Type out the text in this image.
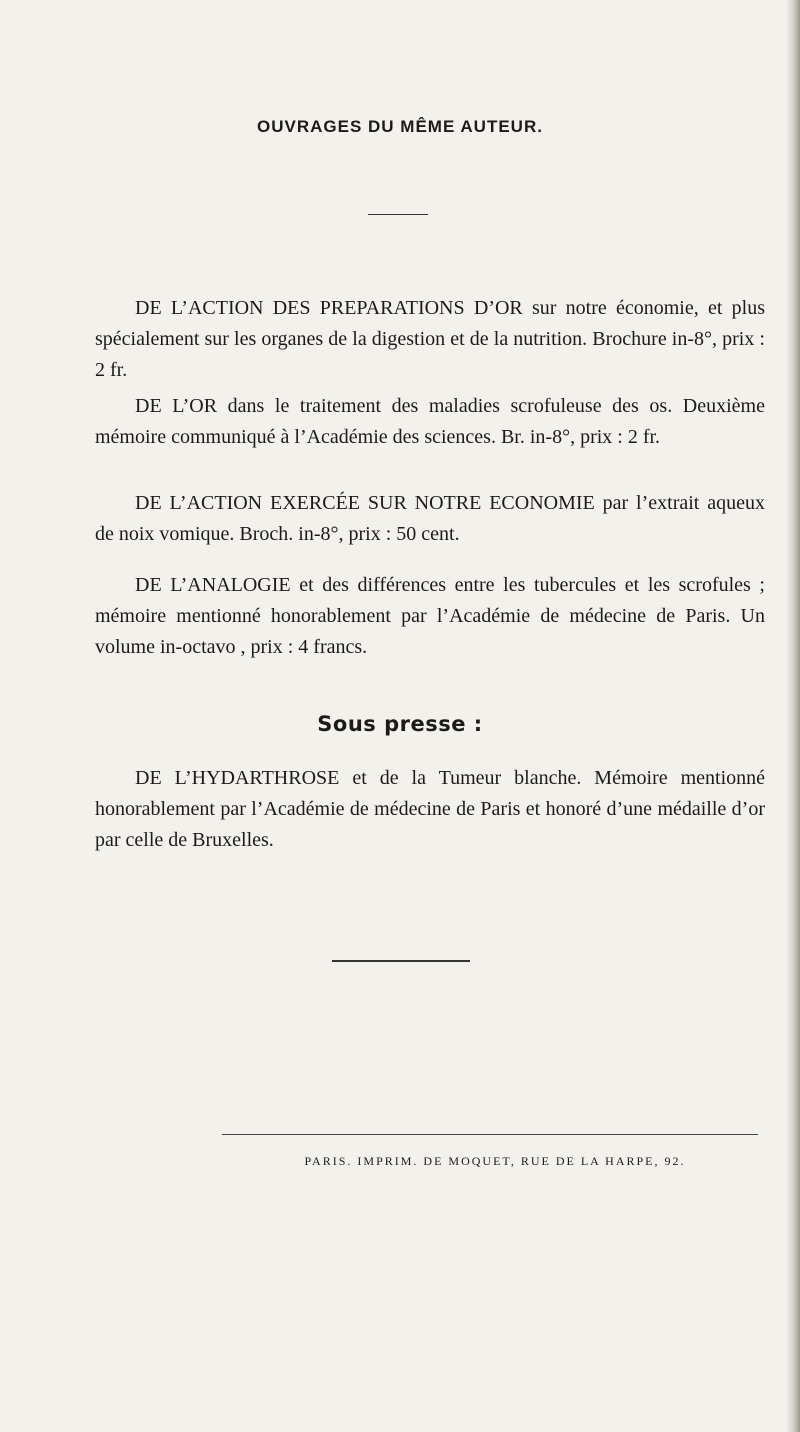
OUVRAGES DU MÊME AUTEUR.

DE L’ACTION DES PREPARATIONS D’OR sur notre économie, et plus spécialement sur les organes de la digestion et de la nutrition. Brochure in-8°, prix : 2 fr.

DE L’OR dans le traitement des maladies scrofuleuse des os. Deuxième mémoire communiqué à l’Académie des sciences. Br. in-8°, prix : 2 fr.

DE L’ACTION EXERCÉE SUR NOTRE ECONOMIE par l’extrait aqueux de noix vomique. Broch. in-8°, prix : 50 cent.

DE L’ANALOGIE et des différences entre les tubercules et les scrofules ; mémoire mentionné honorablement par l’Académie de médecine de Paris. Un volume in-octavo , prix : 4 francs.

Sous presse :

DE L’HYDARTHROSE et de la Tumeur blanche. Mémoire mentionné honorablement par l’Académie de médecine de Paris et honoré d’une médaille d’or par celle de Bruxelles.

PARIS. IMPRIM. DE MOQUET, RUE DE LA HARPE, 92.
